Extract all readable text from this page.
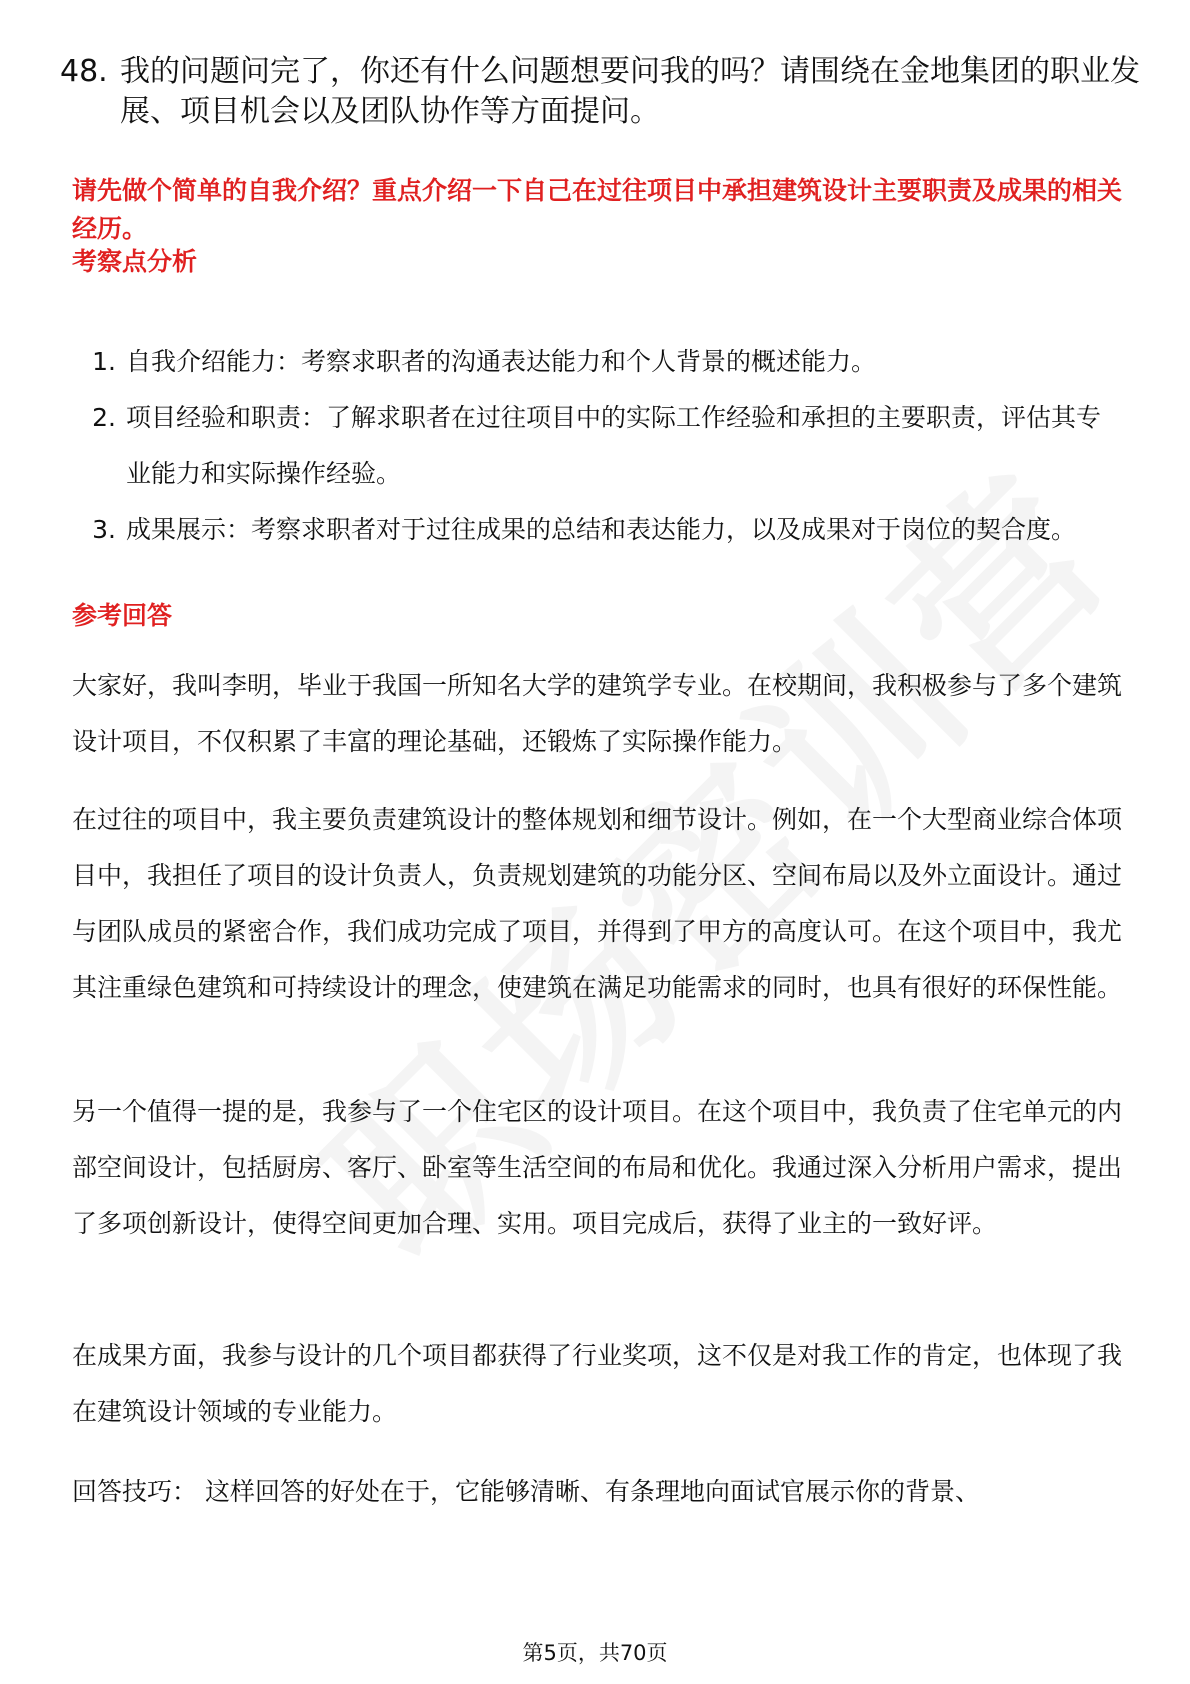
48. 我的问题问完了，你还有什么问题想要问我的吗？请围绕在金地集团的职业发展、项目机会以及团队协作等方面提问。
请先做个简单的自我介绍？重点介绍一下自己在过往项目中承担建筑设计主要职责及成果的相关经历。
考察点分析
1. 自我介绍能力：考察求职者的沟通表达能力和个人背景的概述能力。
2. 项目经验和职责：了解求职者在过往项目中的实际工作经验和承担的主要职责，评估其专业能力和实际操作经验。
3. 成果展示：考察求职者对于过往成果的总结和表达能力，以及成果对于岗位的契合度。
参考回答
大家好，我叫李明，毕业于我国一所知名大学的建筑学专业。在校期间，我积极参与了多个建筑设计项目，不仅积累了丰富的理论基础，还锻炼了实际操作能力。
在过往的项目中，我主要负责建筑设计的整体规划和细节设计。例如，在一个大型商业综合体项目中，我担任了项目的设计负责人，负责规划建筑的功能分区、空间布局以及外立面设计。通过与团队成员的紧密合作，我们成功完成了项目，并得到了甲方的高度认可。在这个项目中，我尤其注重绿色建筑和可持续设计的理念，使建筑在满足功能需求的同时，也具有很好的环保性能。
另一个值得一提的是，我参与了一个住宅区的设计项目。在这个项目中，我负责了住宅单元的内部空间设计，包括厨房、客厅、卧室等生活空间的布局和优化。我通过深入分析用户需求，提出了多项创新设计，使得空间更加合理、实用。项目完成后，获得了业主的一致好评。
在成果方面，我参与设计的几个项目都获得了行业奖项，这不仅是对我工作的肯定，也体现了我在建筑设计领域的专业能力。
回答技巧： 这样回答的好处在于，它能够清晰、有条理地向面试官展示你的背景、
第5页，共70页
